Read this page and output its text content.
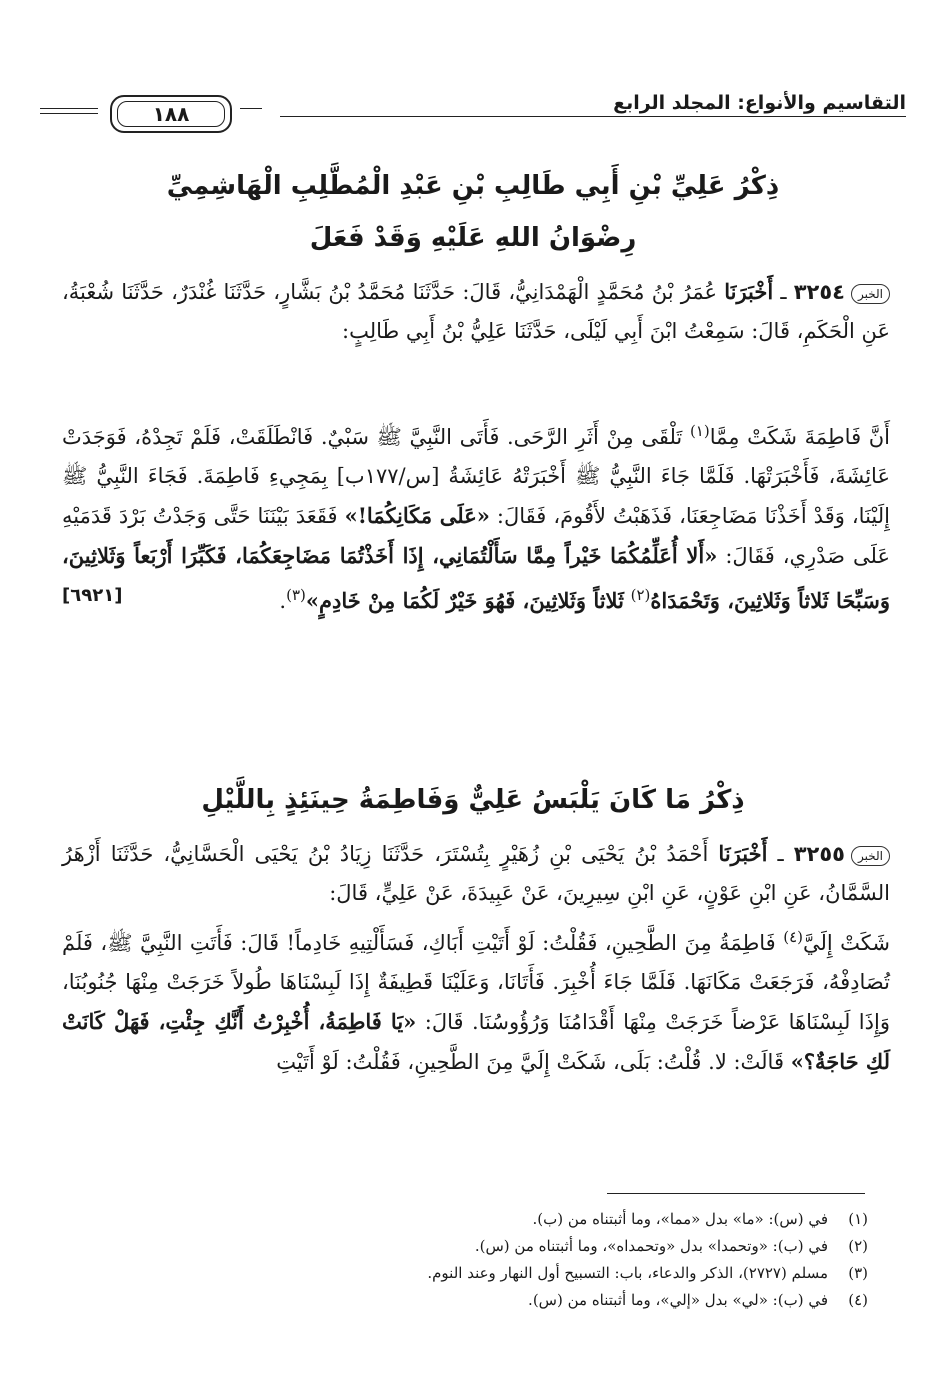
١٨٨	التقاسيم والأنواع: المجلد الرابع
ذِكْرُ عَلِيِّ بْنِ أَبِي طَالِبِ بْنِ عَبْدِ الْمُطَّلِبِ الْهَاشِمِيِّ
رِضْوَانُ اللهِ عَلَيْهِ وَقَدْ فَعَلَ
الخبر٣٢٥٤ ـ أَخْبَرَنَا عُمَرُ بْنُ مُحَمَّدٍ الْهَمْدَانِيُّ، قَالَ: حَدَّثَنَا مُحَمَّدُ بْنُ بَشَّارٍ، حَدَّثَنَا غُنْدَرٌ، حَدَّثَنَا شُعْبَةُ، عَنِ الْحَكَمِ، قَالَ: سَمِعْتُ ابْنَ أَبِي لَيْلَى، حَدَّثَنَا عَلِيُّ بْنُ أَبِي طَالِبٍ:
أَنَّ فَاطِمَةَ شَكَتْ مِمَّا$^{(١)}$ تَلْقَى مِنْ أَثَرِ الرَّحَى. فَأَتَى النَّبِيَّ ﷺ سَبْيٌ. فَانْطَلَقَتْ، فَلَمْ تَجِدْهُ، فَوَجَدَتْ عَائِشَةَ، فَأَخْبَرَتْهَا. فَلَمَّا جَاءَ النَّبِيُّ ﷺ أَخْبَرَتْهُ عَائِشَةُ [س/١٧٧ب] بِمَجِيءِ فَاطِمَةَ. فَجَاءَ النَّبِيُّ ﷺ إِلَيْنَا، وَقَدْ أَخَذْنَا مَضَاجِعَنَا، فَذَهَبْتُ لأَقُومَ، فَقَالَ: «عَلَى مَكَانِكُمَا!» فَقَعَدَ بَيْنَنَا حَتَّى وَجَدْتُ بَرْدَ قَدَمَيْهِ عَلَى صَدْرِي، فَقَالَ: «أَلا أُعَلِّمُكُمَا خَيْراً مِمَّا سَأَلْتُمَانِي، إِذَا أَخَذْتُمَا مَضَاجِعَكُمَا، فَكَبِّرَا أَرْبَعاً وَثَلاثِينَ، وَسَبِّحَا ثَلاثاً وَثَلاثِينَ، وَتَحْمَدَاهُ$^{(٢)}$ ثَلاثاً وَثَلاثِينَ، فَهُوَ خَيْرٌ لَكُمَا مِنْ خَادِمٍ»$^{(٣)}$.
[٦٩٢١]
ذِكْرُ مَا كَانَ يَلْبَسُ عَلِيٌّ وَفَاطِمَةُ حِينَئِذٍ بِاللَّيْلِ
الخبر٣٢٥٥ ـ أَخْبَرَنَا أَحْمَدُ بْنُ يَحْيَى بْنِ زُهَيْرٍ بِتُسْتَرَ، حَدَّثَنَا زِيَادُ بْنُ يَحْيَى الْحَسَّانِيُّ، حَدَّثَنَا أَزْهَرُ السَّمَّانُ، عَنِ ابْنِ عَوْنٍ، عَنِ ابْنِ سِيرِينَ، عَنْ عَبِيدَةَ، عَنْ عَلِيٍّ، قَالَ:
شَكَتْ إِلَيَّ$^{(٤)}$ فَاطِمَةُ مِنَ الطَّحِينِ، فَقُلْتُ: لَوْ أَتَيْتِ أَبَاكِ، فَسَأَلْتِيهِ خَادِماً! قَالَ: فَأَتَتِ النَّبِيَّ ﷺ، فَلَمْ تُصَادِفْهُ، فَرَجَعَتْ مَكَانَهَا. فَلَمَّا جَاءَ أُخْبِرَ. فَأَتَانَا، وَعَلَيْنَا قَطِيفَةٌ إِذَا لَبِسْنَاهَا طُولاً خَرَجَتْ مِنْهَا جُنُوبُنَا، وَإِذَا لَبِسْنَاهَا عَرْضاً خَرَجَتْ مِنْهَا أَقْدَامُنَا وَرُؤُوسُنَا. قَالَ: «يَا فَاطِمَةُ، أُخْبِرْتُ أَنَّكِ جِئْتِ، فَهَلْ كَانَتْ لَكِ حَاجَةٌ؟» قَالَتْ: لا. قُلْتُ: بَلَى، شَكَتْ إِلَيَّ مِنَ الطَّحِينِ، فَقُلْتُ: لَوْ أَتَيْتِ
(١)في (س): «ما» بدل «مما»، وما أثبتناه من (ب).
(٢)في (ب): «وتحمدا» بدل «وتحمداه»، وما أثبتناه من (س).
(٣)مسلم (٢٧٢٧)، الذكر والدعاء، باب: التسبيح أول النهار وعند النوم.
(٤)في (ب): «لي» بدل «إلي»، وما أثبتناه من (س).
